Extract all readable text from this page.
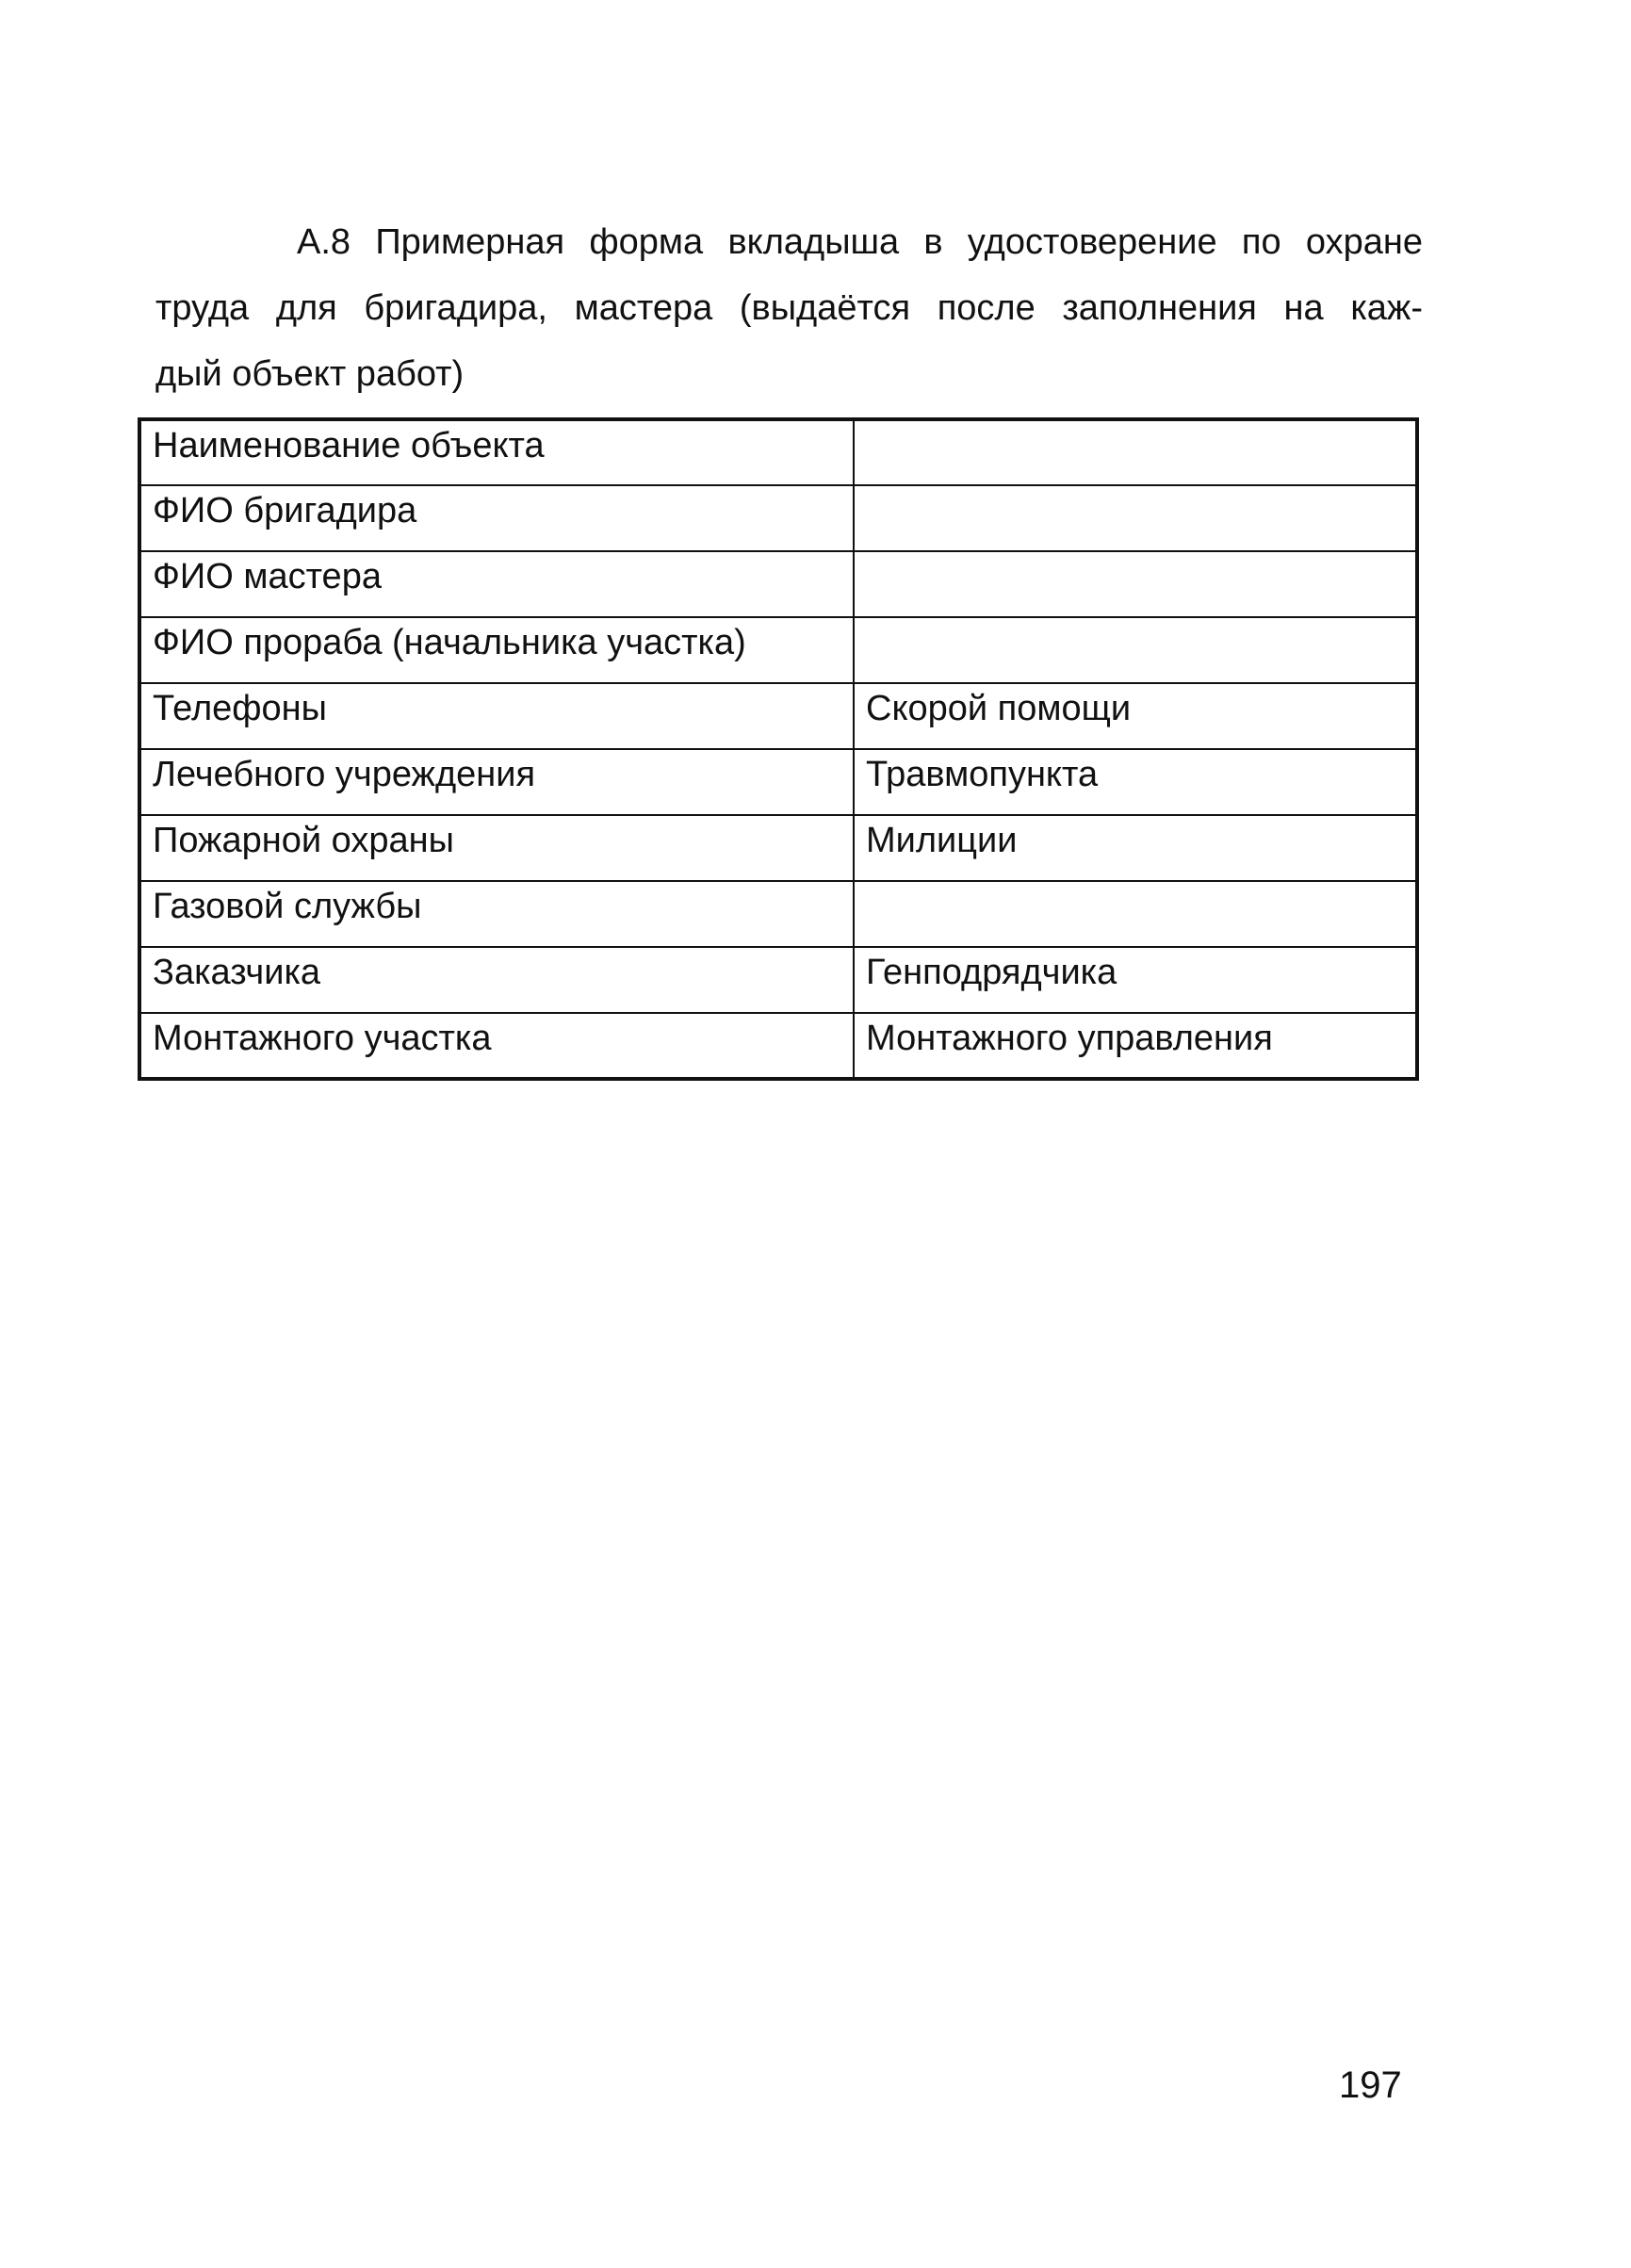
А.8 Примерная форма вкладыша в удостоверение по охране
труда для бригадира, мастера (выдаётся после заполнения на каж-
дый объект работ)

Наименование объекта	
ФИО бригадира	
ФИО мастера	
ФИО прораба (начальника участка)	
Телефоны	Скорой помощи
Лечебного учреждения	Травмопункта
Пожарной охраны	Милиции
Газовой службы	
Заказчика	Генподрядчика
Монтажного участка	Монтажного управления
197
